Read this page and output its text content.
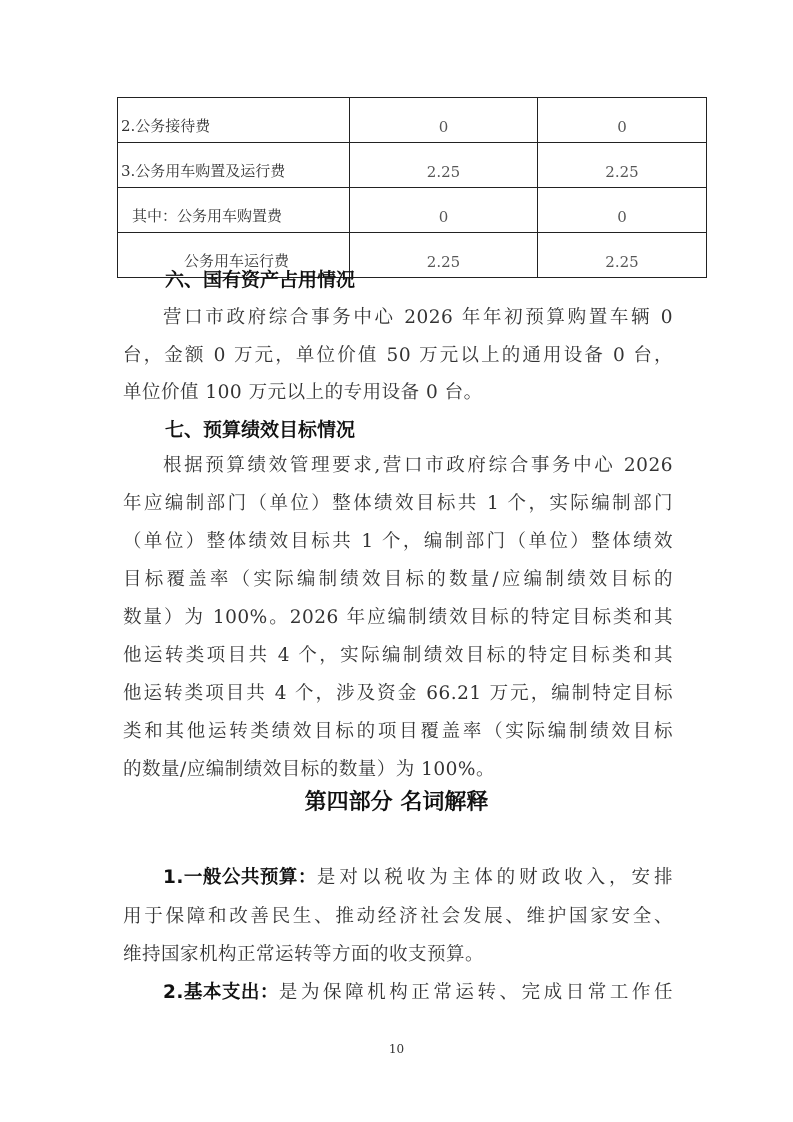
2.公务接待费	0	0
3.公务用车购置及运行费	2.25	2.25
其中：公务用车购置费	0	0
公务用车运行费	2.25	2.25
六、国有资产占用情况
营口市政府综合事务中心 2026 年年初预算购置车辆 0
台，金额 0 万元，单位价值 50 万元以上的通用设备 0 台，
单位价值 100 万元以上的专用设备 0 台。
七、预算绩效目标情况
根据预算绩效管理要求,营口市政府综合事务中心 2026
年应编制部门（单位）整体绩效目标共 1 个，实际编制部门
（单位）整体绩效目标共 1 个，编制部门（单位）整体绩效
目标覆盖率（实际编制绩效目标的数量/应编制绩效目标的
数量）为 100%。2026 年应编制绩效目标的特定目标类和其
他运转类项目共 4 个，实际编制绩效目标的特定目标类和其
他运转类项目共 4 个，涉及资金 66.21 万元，编制特定目标
类和其他运转类绩效目标的项目覆盖率（实际编制绩效目标
的数量/应编制绩效目标的数量）为 100%。
第四部分 名词解释
1.一般公共预算： 是对以税收为主体的财政收入，安排
用于保障和改善民生、推动经济社会发展、维护国家安全、
维持国家机构正常运转等方面的收支预算。
2.基本支出： 是为保障机构正常运转、完成日常工作任
10
